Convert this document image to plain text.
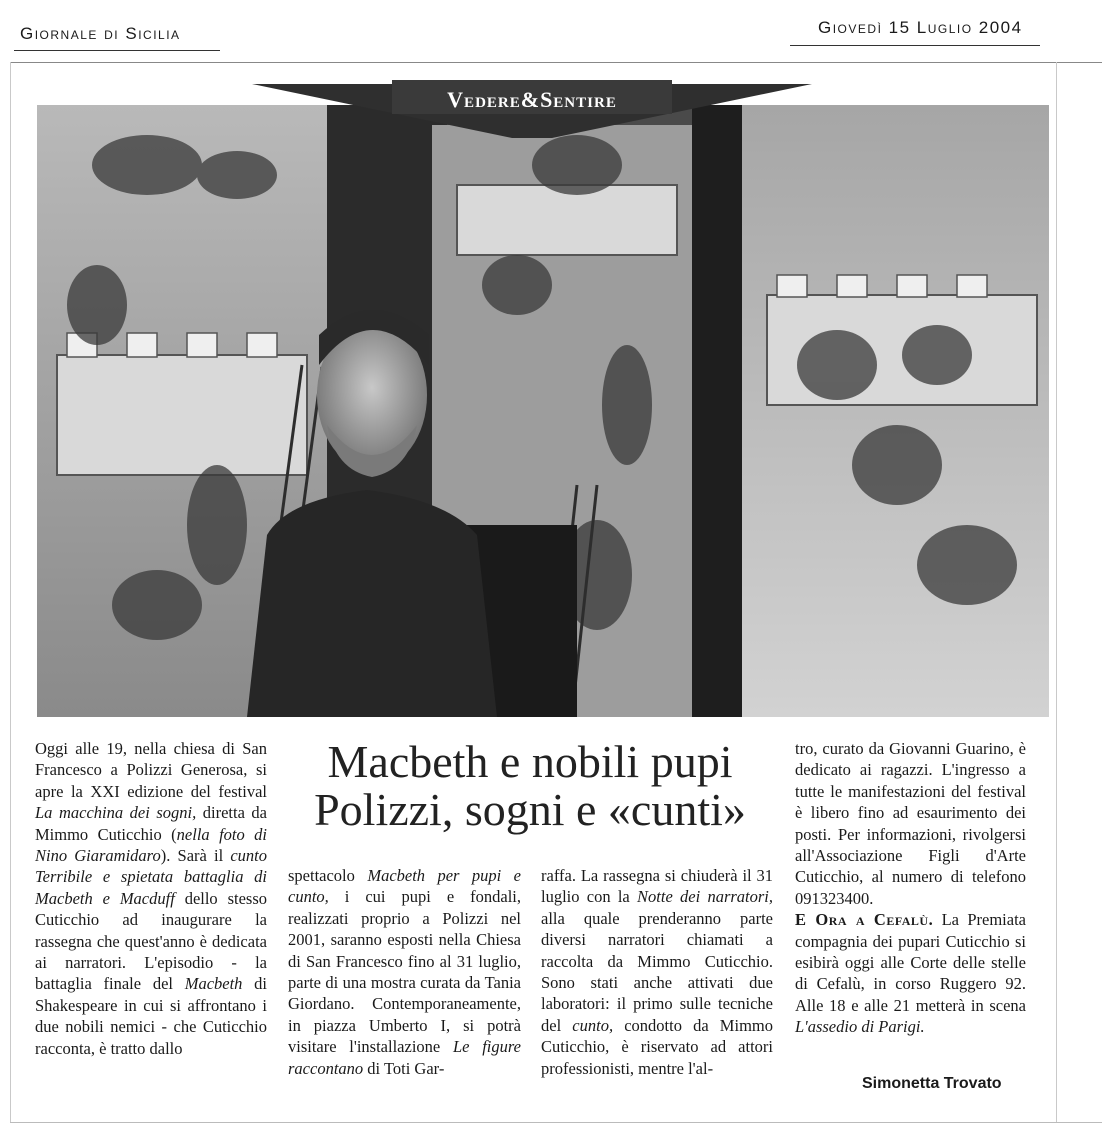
Giornale di Sicilia	Giovedì 15 Luglio 2004
Vedere&Sentire
Macbeth e nobili pupi
Polizzi, sogni e «cunti»

Oggi alle 19, nella chiesa di San Francesco a Polizzi Generosa, si apre la XXI edizione del festival La macchina dei sogni, diretta da Mimmo Cuticchio (nella foto di Nino Giaramidaro). Sarà il cunto Terribile e spietata battaglia di Macbeth e Macduff dello stesso Cuticchio ad inaugurare la rassegna che quest'anno è dedicata ai narratori. L'episodio - la battaglia finale del Macbeth di Shakespeare in cui si affrontano i due nobili nemici - che Cuticchio racconta, è tratto dallo

spettacolo Macbeth per pupi e cunto, i cui pupi e fondali, realizzati proprio a Polizzi nel 2001, saranno esposti nella Chiesa di San Francesco fino al 31 luglio, parte di una mostra curata da Tania Giordano. Contemporaneamente, in piazza Umberto I, si potrà visitare l'installazione Le figure raccontano di Toti Gar-

raffa. La rassegna si chiuderà il 31 luglio con la Notte dei narratori, alla quale prenderanno parte diversi narratori chiamati a raccolta da Mimmo Cuticchio. Sono stati anche attivati due laboratori: il primo sulle tecniche del cunto, condotto da Mimmo Cuticchio, è riservato ad attori professionisti, mentre l'al-

tro, curato da Giovanni Guarino, è dedicato ai ragazzi. L'ingresso a tutte le manifestazioni del festival è libero fino ad esaurimento dei posti. Per informazioni, rivolgersi all'Associazione Figli d'Arte Cuticchio, al numero di telefono 091323400.

E Ora a Cefalù. La Premiata compagnia dei pupari Cuticchio si esibirà oggi alle Corte delle stelle di Cefalù, in corso Ruggero 92. Alle 18 e alle 21 metterà in scena L'assedio di Parigi.

Simonetta Trovato
